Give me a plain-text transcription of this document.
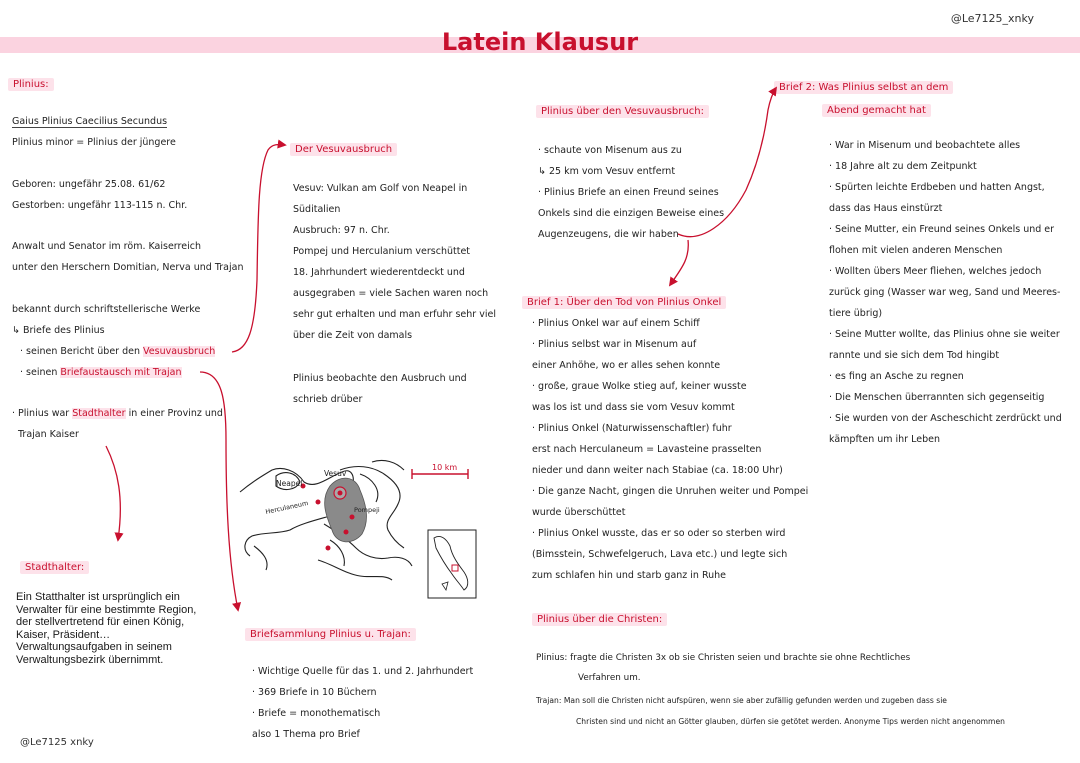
@Le7125_xnky
Latein Klausur
Plinius:

Gaius Plinius Caecilius Secundus

Plinius minor = Plinius der jüngere

Geboren: ungefähr 25.08. 61/62

Gestorben: ungefähr 113-115 n. Chr.

Anwalt und Senator im röm. Kaiserreich

unter den Herschern Domitian, Nerva und Trajan

bekannt durch schriftstellerische Werke

↳ Briefe des Plinius

· seinen Bericht über den Vesuvausbruch

· seinen Briefaustausch mit Trajan

· Plinius war Stadthalter in einer Provinz und

Trajan Kaiser

Stadthalter:
Ein Statthalter ist ursprünglich ein Verwalter für eine bestimmte Region, der stellvertretend für einen König, Kaiser, Präsident… Verwaltungsaufgaben in seinem Verwaltungsbezirk übernimmt.
@Le7125 xnky
Der Vesuvausbruch

Vesuv: Vulkan am Golf von Neapel in

Süditalien

Ausbruch: 97 n. Chr.

Pompej und Herculanium verschüttet

18. Jahrhundert wiederentdeckt und

ausgegraben = viele Sachen waren noch

sehr gut erhalten und man erfuhr sehr viel

über die Zeit von damals

Plinius beobachte den Ausbruch und

schrieb drüber

10 km
Neapel
Vesuv
Herculaneum	Pompeji
Briefsammlung Plinius u. Trajan:

· Wichtige Quelle für das 1. und 2. Jahrhundert

· 369 Briefe in 10 Büchern

· Briefe = monothematisch

also 1 Thema pro Brief

Plinius über den Vesuvausbruch:

· schaute von Misenum aus zu

↳ 25 km vom Vesuv entfernt

· Plinius Briefe an einen Freund seines

Onkels sind die einzigen Beweise eines

Augenzeugens, die wir haben

Brief 1: Über den Tod von Plinius Onkel

· Plinius Onkel war auf einem Schiff

· Plinius selbst war in Misenum auf

einer Anhöhe, wo er alles sehen konnte

· große, graue Wolke stieg auf, keiner wusste

was los ist und dass sie vom Vesuv kommt

· Plinius Onkel (Naturwissenschaftler) fuhr

erst nach Herculaneum = Lavasteine prasselten

nieder und dann weiter nach Stabiae (ca. 18:00 Uhr)

· Die ganze Nacht, gingen die Unruhen weiter und Pompei

wurde überschüttet

· Plinius Onkel wusste, das er so oder so sterben wird

(Bimsstein, Schwefelgeruch, Lava etc.) und legte sich

zum schlafen hin und starb ganz in Ruhe

Plinius über die Christen:

Plinius: fragte die Christen 3x ob sie Christen seien und brachte sie ohne Rechtliches

Verfahren um.

Trajan: Man soll die Christen nicht aufspüren, wenn sie aber zufällig gefunden werden und zugeben dass sie

Christen sind und nicht an Götter glauben, dürfen sie getötet werden. Anonyme Tips werden nicht angenommen

Brief 2: Was Plinius selbst an dem
Abend gemacht hat

· War in Misenum und beobachtete alles

· 18 Jahre alt zu dem Zeitpunkt

· Spürten leichte Erdbeben und hatten Angst,

dass das Haus einstürzt

· Seine Mutter, ein Freund seines Onkels und er

flohen mit vielen anderen Menschen

· Wollten übers Meer fliehen, welches jedoch

zurück ging (Wasser war weg, Sand und Meeres-

tiere übrig)

· Seine Mutter wollte, das Plinius ohne sie weiter

rannte und sie sich dem Tod hingibt

· es fing an Asche zu regnen

· Die Menschen überrannten sich gegenseitig

· Sie wurden von der Ascheschicht zerdrückt und

kämpften um ihr Leben
